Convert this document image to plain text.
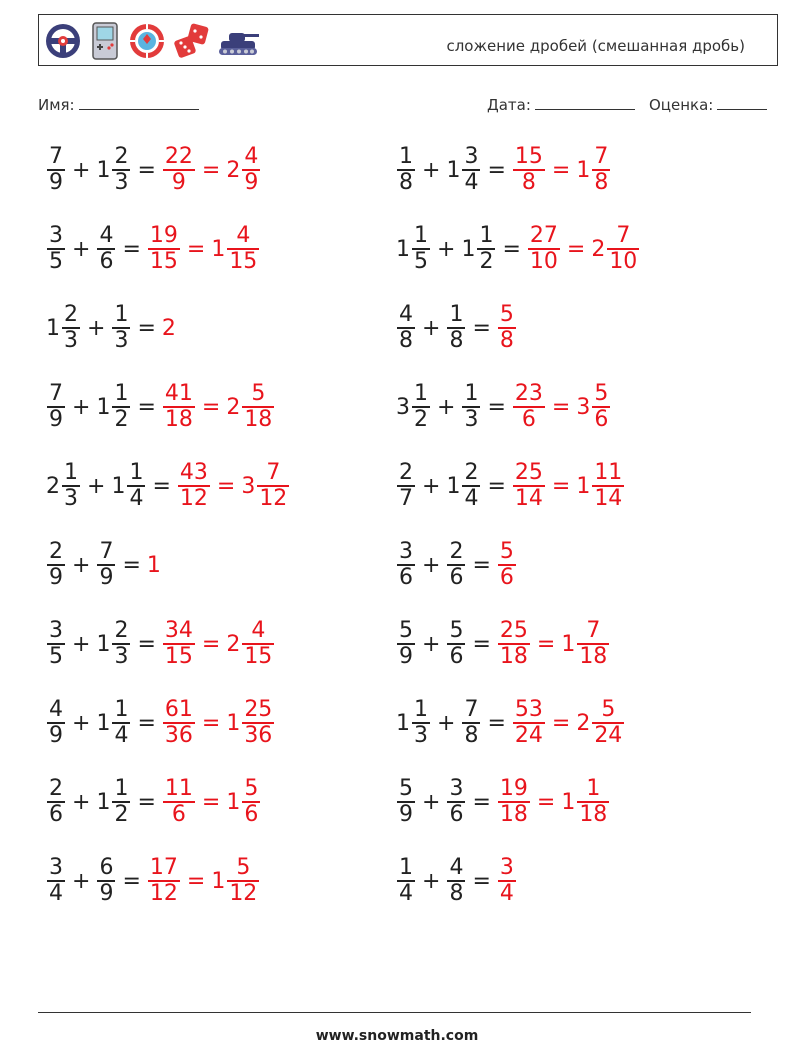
сложение дробей (смешанная дробь)
Имя:	Дата:	Оценка:
$\frac{7}{9} + 1 \frac{2}{3} = \frac{22}{9} = 2 \frac{4}{9}$	$\frac{1}{8} + 1 \frac{3}{4} = \frac{15}{8} = 1 \frac{7}{8}$
$\frac{3}{5} + \frac{4}{6} = \frac{19}{15} = 1 \frac{4}{15}$	$1 \frac{1}{5} + 1 \frac{1}{2} = \frac{27}{10} = 2 \frac{7}{10}$
$1 \frac{2}{3} + \frac{1}{3} = 2$	$\frac{4}{8} + \frac{1}{8} = \frac{5}{8}$
$\frac{7}{9} + 1 \frac{1}{2} = \frac{41}{18} = 2 \frac{5}{18}$	$3 \frac{1}{2} + \frac{1}{3} = \frac{23}{6} = 3 \frac{5}{6}$
$2 \frac{1}{3} + 1 \frac{1}{4} = \frac{43}{12} = 3 \frac{7}{12}$	$\frac{2}{7} + 1 \frac{2}{4} = \frac{25}{14} = 1 \frac{11}{14}$
$\frac{2}{9} + \frac{7}{9} = 1$	$\frac{3}{6} + \frac{2}{6} = \frac{5}{6}$
$\frac{3}{5} + 1 \frac{2}{3} = \frac{34}{15} = 2 \frac{4}{15}$	$\frac{5}{9} + \frac{5}{6} = \frac{25}{18} = 1 \frac{7}{18}$
$\frac{4}{9} + 1 \frac{1}{4} = \frac{61}{36} = 1 \frac{25}{36}$	$1 \frac{1}{3} + \frac{7}{8} = \frac{53}{24} = 2 \frac{5}{24}$
$\frac{2}{6} + 1 \frac{1}{2} = \frac{11}{6} = 1 \frac{5}{6}$	$\frac{5}{9} + \frac{3}{6} = \frac{19}{18} = 1 \frac{1}{18}$
$\frac{3}{4} + \frac{6}{9} = \frac{17}{12} = 1 \frac{5}{12}$	$\frac{1}{4} + \frac{4}{8} = \frac{3}{4}$
www.snowmath.com
